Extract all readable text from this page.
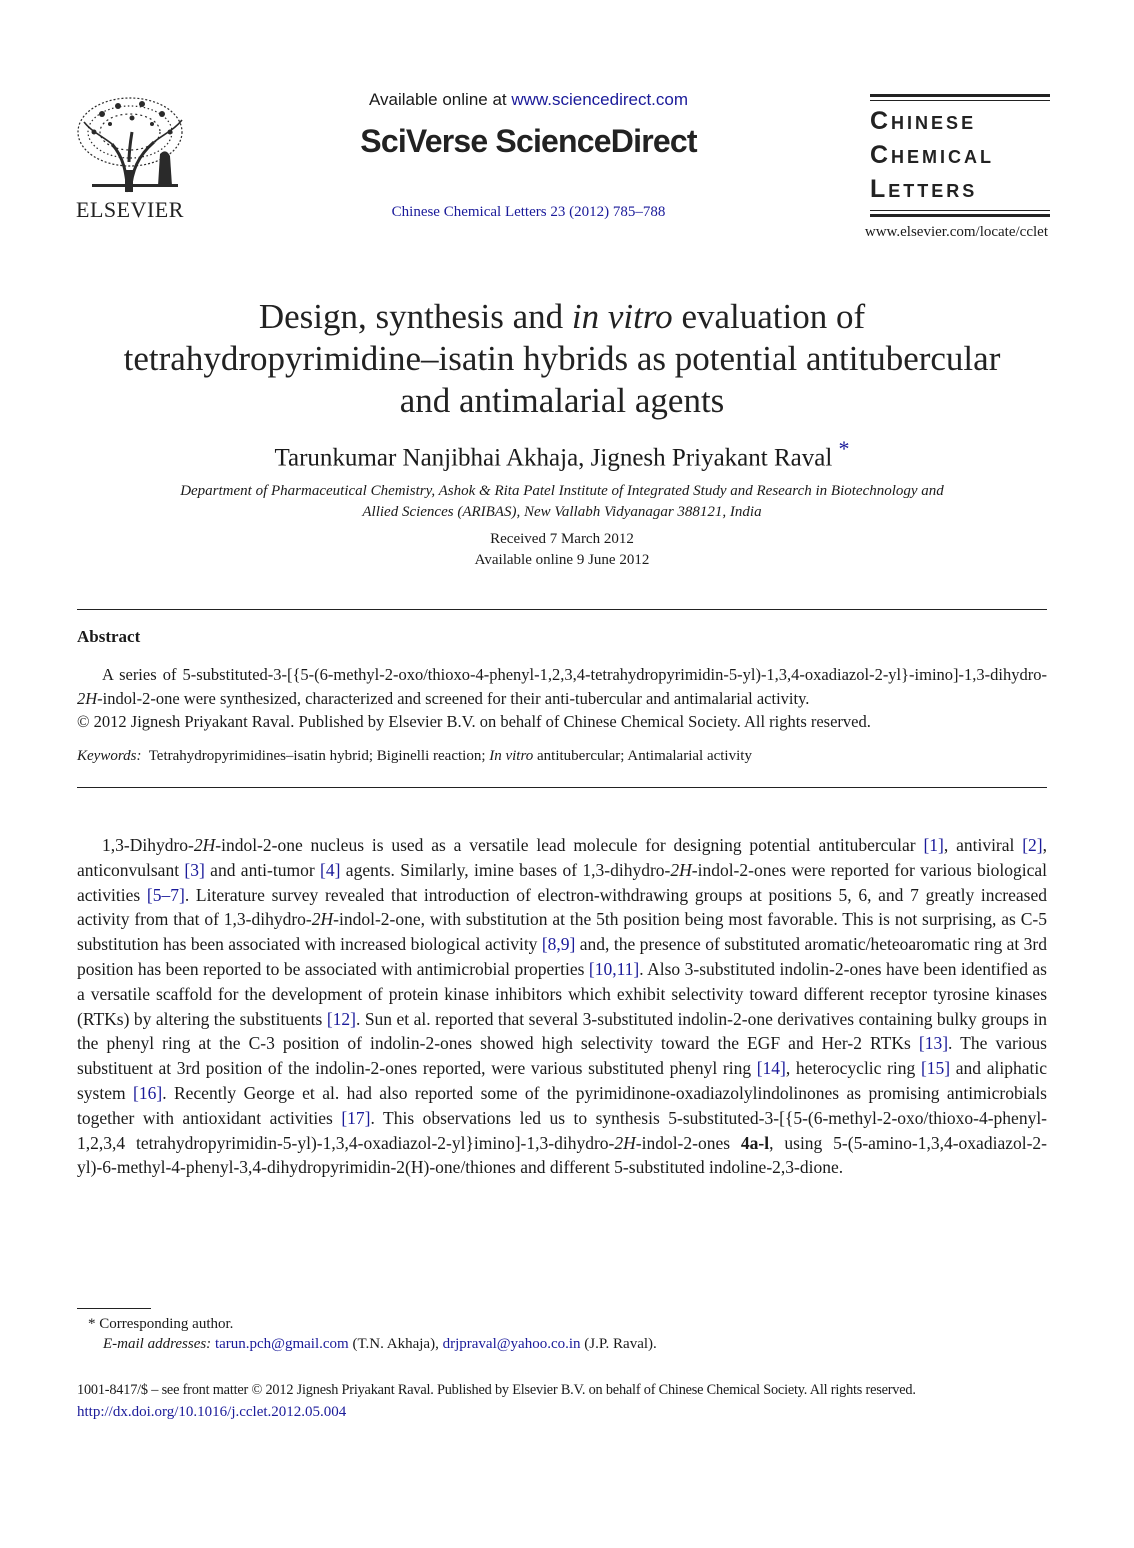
ELSEVIER
Available online at www.sciencedirect.com
SciVerse ScienceDirect
Chinese Chemical Letters 23 (2012) 785–788
Chinese
Chemical
Letters
www.elsevier.com/locate/cclet
Design, synthesis and in vitro evaluation of tetrahydropyrimidine–isatin hybrids as potential antitubercular and antimalarial agents
Tarunkumar Nanjibhai Akhaja, Jignesh Priyakant Raval *
Department of Pharmaceutical Chemistry, Ashok & Rita Patel Institute of Integrated Study and Research in Biotechnology and
Allied Sciences (ARIBAS), New Vallabh Vidyanagar 388121, India
Received 7 March 2012
Available online 9 June 2012
Abstract
A series of 5-substituted-3-[{5-(6-methyl-2-oxo/thioxo-4-phenyl-1,2,3,4-tetrahydropyrimidin-5-yl)-1,3,4-oxadiazol-2-yl}-imino]-1,3-dihydro-2H-indol-2-one were synthesized, characterized and screened for their anti-tubercular and antimalarial activity.
© 2012 Jignesh Priyakant Raval. Published by Elsevier B.V. on behalf of Chinese Chemical Society. All rights reserved.
Keywords: Tetrahydropyrimidines–isatin hybrid; Biginelli reaction; In vitro antitubercular; Antimalarial activity
1,3-Dihydro-2H-indol-2-one nucleus is used as a versatile lead molecule for designing potential antitubercular [1], antiviral [2], anticonvulsant [3] and anti-tumor [4] agents. Similarly, imine bases of 1,3-dihydro-2H-indol-2-ones were reported for various biological activities [5–7]. Literature survey revealed that introduction of electron-withdrawing groups at positions 5, 6, and 7 greatly increased activity from that of 1,3-dihydro-2H-indol-2-one, with substitution at the 5th position being most favorable. This is not surprising, as C-5 substitution has been associated with increased biological activity [8,9] and, the presence of substituted aromatic/heteoaromatic ring at 3rd position has been reported to be associated with antimicrobial properties [10,11]. Also 3-substituted indolin-2-ones have been identified as a versatile scaffold for the development of protein kinase inhibitors which exhibit selectivity toward different receptor tyrosine kinases (RTKs) by altering the substituents [12]. Sun et al. reported that several 3-substituted indolin-2-one derivatives containing bulky groups in the phenyl ring at the C-3 position of indolin-2-ones showed high selectivity toward the EGF and Her-2 RTKs [13]. The various substituent at 3rd position of the indolin-2-ones reported, were various substituted phenyl ring [14], heterocyclic ring [15] and aliphatic system [16]. Recently George et al. had also reported some of the pyrimidinone-oxadiazolylindolinones as promising antimicrobials together with antioxidant activities [17]. This observations led us to synthesis 5-substituted-3-[{5-(6-methyl-2-oxo/thioxo-4-phenyl-1,2,3,4 tetrahydropyrimidin-5-yl)-1,3,4-oxadiazol-2-yl}imino]-1,3-dihydro-2H-indol-2-ones 4a-l, using 5-(5-amino-1,3,4-oxadiazol-2-yl)-6-methyl-4-phenyl-3,4-dihydropyrimidin-2(H)-one/thiones and different 5-substituted indoline-2,3-dione.
* Corresponding author.
E-mail addresses: tarun.pch@gmail.com (T.N. Akhaja), drjpraval@yahoo.co.in (J.P. Raval).
1001-8417/$ – see front matter © 2012 Jignesh Priyakant Raval. Published by Elsevier B.V. on behalf of Chinese Chemical Society. All rights reserved.
http://dx.doi.org/10.1016/j.cclet.2012.05.004
